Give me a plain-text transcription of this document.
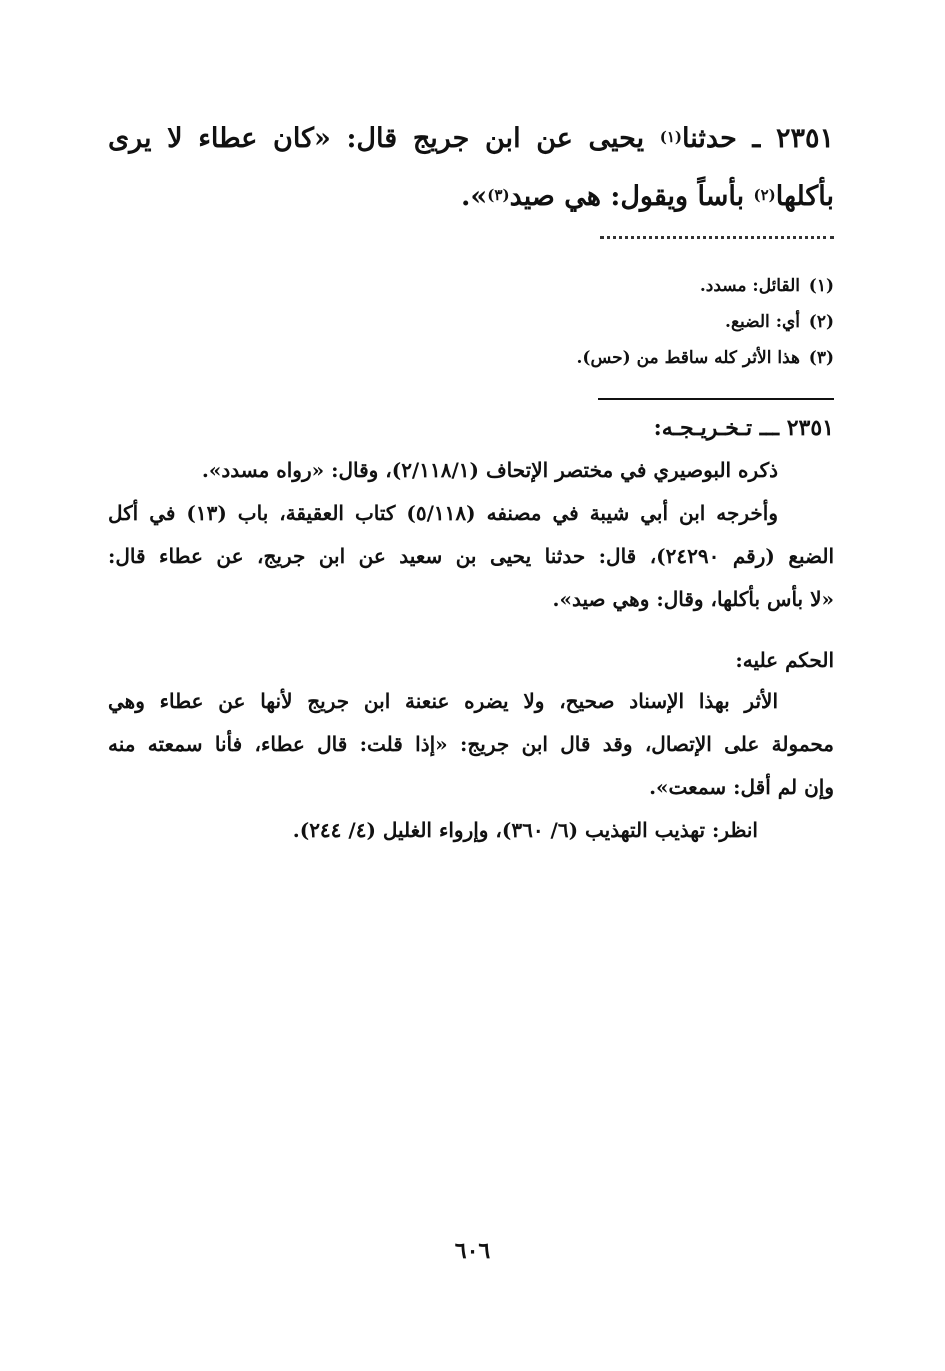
٢٣٥١ ـ حدثنا$^{(١)}$ يحيى عن ابن جريج قال: «كان عطاء لا يرى

بأكلها$^{(٢)}$ بأساً ويقول: هي صيد$^{(٣)}$».

(١)القائل: مسدد.
(٢)أي: الضبع.
(٣)هذا الأثر كله ساقط من (حس).
٢٣٥١ ـــ تـخـريـجـه:

ذكره البوصيري في مختصر الإتحاف (٢/١١٨/١)، وقال: «رواه مسدد».

وأخرجه ابن أبي شيبة في مصنفه (٥/١١٨) كتاب العقيقة، باب (١٣) في أكل

الضبع (رقم ٢٤٢٩٠)، قال: حدثنا يحيى بن سعيد عن ابن جريج، عن عطاء قال:

«لا بأس بأكلها، وقال: وهي صيد».

الحكم عليه:

الأثر بهذا الإسناد صحيح، ولا يضره عنعنة ابن جريج لأنها عن عطاء وهي

محمولة على الإتصال، وقد قال ابن جريج: «إذا قلت: قال عطاء، فأنا سمعته منه

وإن لم أقل: سمعت».

انظر: تهذيب التهذيب (٦/ ٣٦٠)، وإرواء الغليل (٤/ ٢٤٤).

٦٠٦
